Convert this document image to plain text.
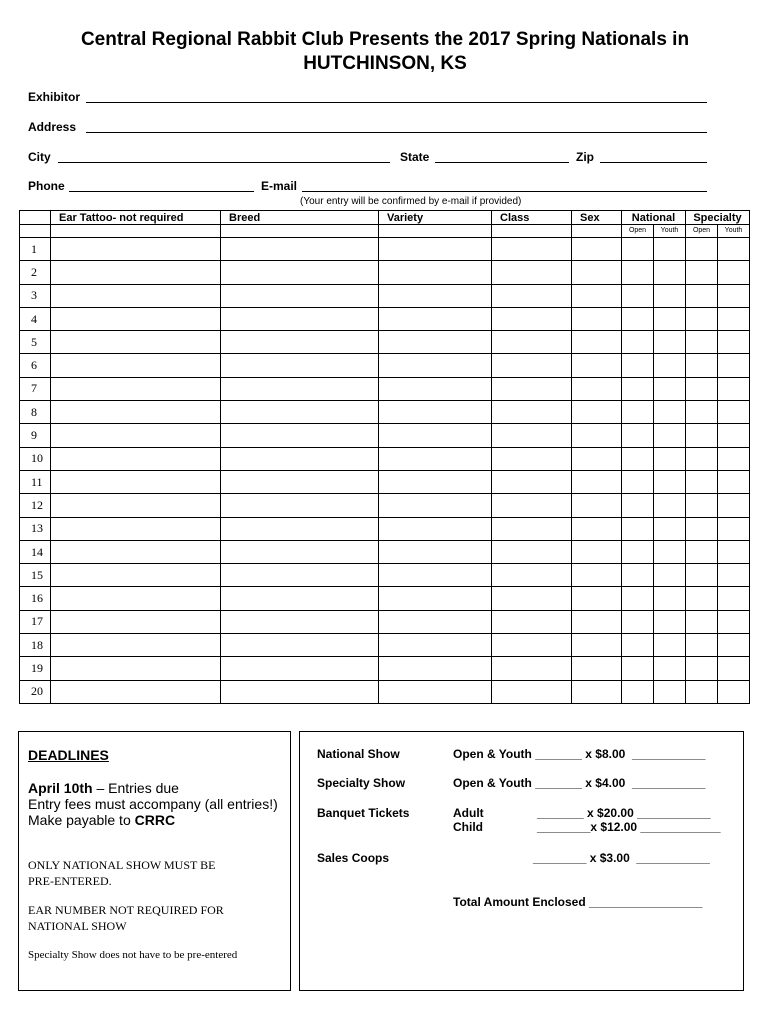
Central Regional Rabbit Club Presents the 2017 Spring Nationals in
HUTCHINSON, KS
Exhibitor
Address
City	State	Zip
Phone	E-mail
(Your entry will be confirmed by e-mail if provided)
	Ear Tattoo- not required	Breed	Variety	Class	Sex	National		Specialty	
						Open	Youth	Open	Youth
1									
2									
3									
4									
5									
6									
7									
8									
9									
10									
11									
12									
13									
14									
15									
16									
17									
18									
19									
20									
DEADLINES
April 10th – Entries due
Entry fees must accompany (all entries!)
Make payable to CRRC
ONLY NATIONAL SHOW MUST BE
PRE-ENTERED.
EAR NUMBER NOT REQUIRED FOR
NATIONAL SHOW
Specialty Show does not have to be pre-entered
National Show	Open & Youth _______ x $8.00  ___________
Specialty Show	Open & Youth _______ x $4.00  ___________
Banquet Tickets	Adult	_______ x $20.00 ___________
Child	________x $12.00 ____________
Sales Coops	________ x $3.00  ___________
Total Amount Enclosed _________________
